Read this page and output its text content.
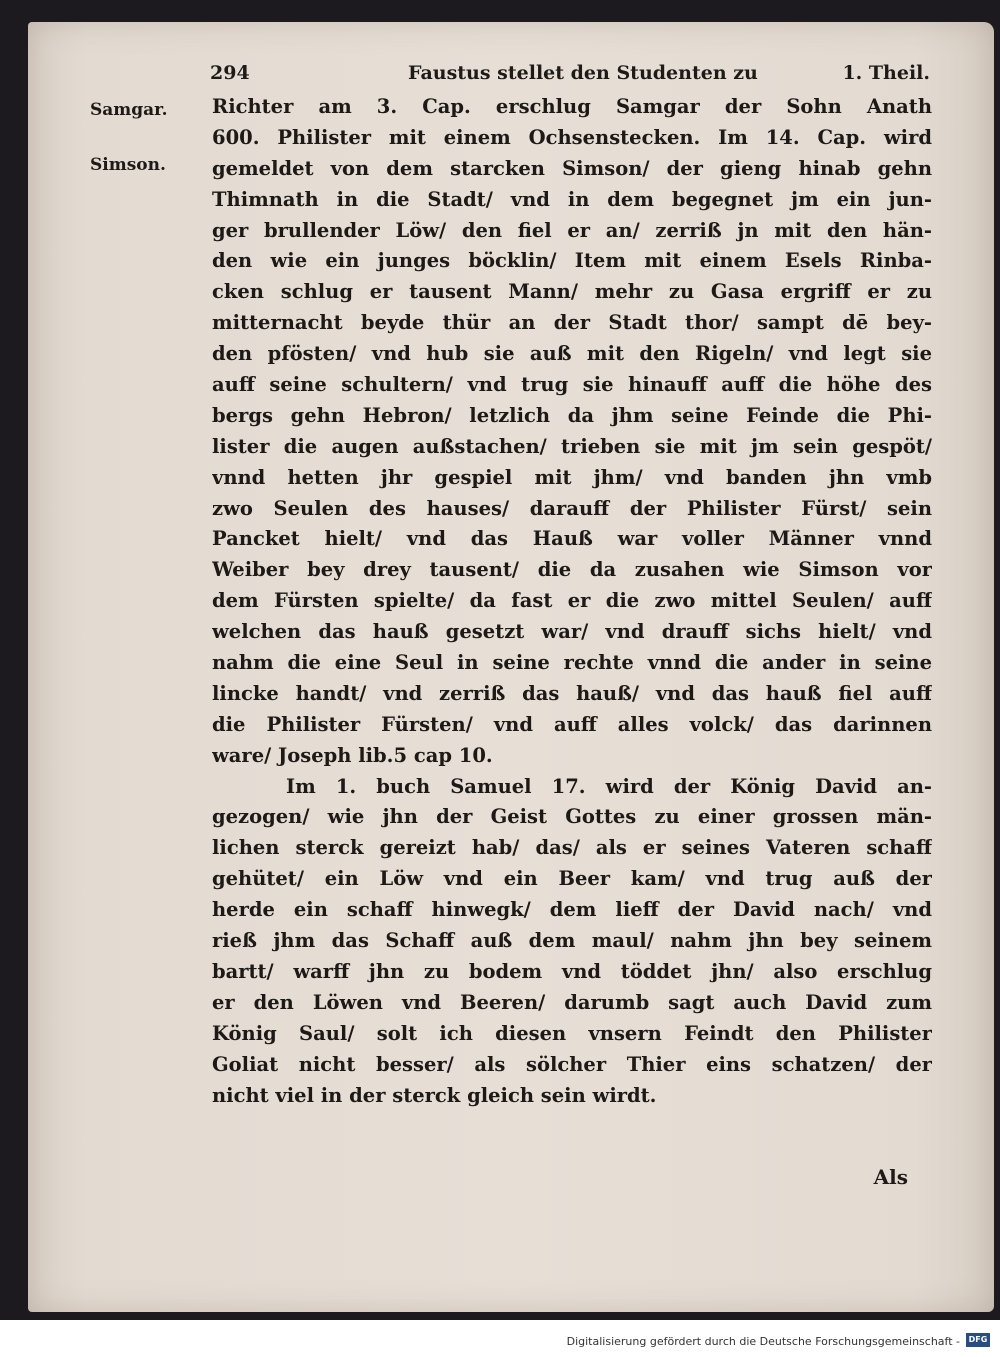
294	Faustus stellet den Studenten zu	1. Theil.
Samgar.
Simson.
Richter am 3. Cap. erschlug Samgar der Sohn Anath
600. Philister mit einem Ochsenstecken. Im 14. Cap. wird
gemeldet von dem starcken Simson/ der gieng hinab gehn
Thimnath in die Stadt/ vnd in dem begegnet jm ein jun-
ger brullender Löw/ den fiel er an/ zerriß jn mit den hän-
den wie ein junges böcklin/ Item mit einem Esels Rinba-
cken schlug er tausent Mann/ mehr zu Gasa ergriff er zu
mitternacht beyde thür an der Stadt thor/ sampt dē bey-
den pfösten/ vnd hub sie auß mit den Rigeln/ vnd legt sie
auff seine schultern/ vnd trug sie hinauff auff die höhe des
bergs gehn Hebron/ letzlich da jhm seine Feinde die Phi-
lister die augen außstachen/ trieben sie mit jm sein gespöt/
vnnd hetten jhr gespiel mit jhm/ vnd banden jhn vmb
zwo Seulen des hauses/ darauff der Philister Fürst/ sein
Pancket hielt/ vnd das Hauß war voller Männer vnnd
Weiber bey drey tausent/ die da zusahen wie Simson vor
dem Fürsten spielte/ da fast er die zwo mittel Seulen/ auff
welchen das hauß gesetzt war/ vnd drauff sichs hielt/ vnd
nahm die eine Seul in seine rechte vnnd die ander in seine
lincke handt/ vnd zerriß das hauß/ vnd das hauß fiel auff
die Philister Fürsten/ vnd auff alles volck/ das darinnen
ware/ Joseph lib.5 cap 10.
Im 1. buch Samuel 17. wird der König David an-
gezogen/ wie jhn der Geist Gottes zu einer grossen män-
lichen sterck gereizt hab/ das/ als er seines Vateren schaff
gehütet/ ein Löw vnd ein Beer kam/ vnd trug auß der
herde ein schaff hinwegk/ dem lieff der David nach/ vnd
rieß jhm das Schaff auß dem maul/ nahm jhn bey seinem
bartt/ warff jhn zu bodem vnd töddet jhn/ also erschlug
er den Löwen vnd Beeren/ darumb sagt auch David zum
König Saul/ solt ich diesen vnsern Feindt den Philister
Goliat nicht besser/ als sölcher Thier eins schatzen/ der
nicht viel in der sterck gleich sein wirdt.
Als
Digitalisierung gefördert durch die Deutsche Forschungsgemeinschaft -	DFG
